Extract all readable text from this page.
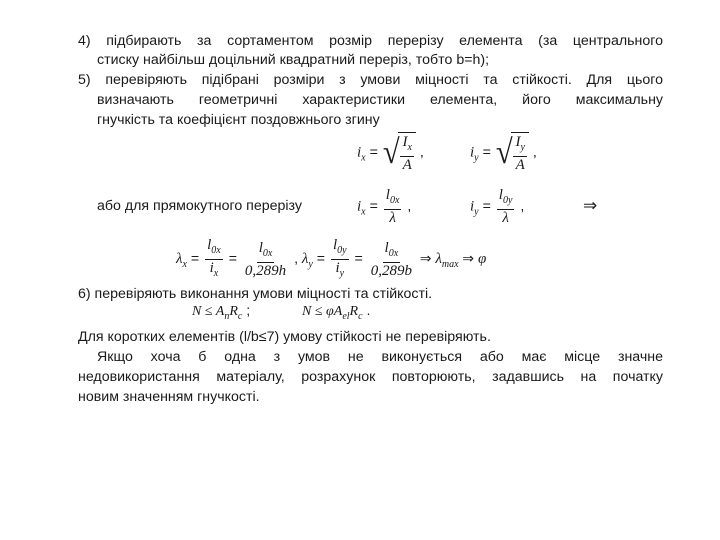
4) підбирають за сортаментом розмір перерізу елемента (за центрального
стиску найбільш доцільний квадратний переріз, тобто b=h);
5) перевіряють підібрані розміри з умови міцності та стійкості. Для цього
визначають геометричні характеристики елемента, його максимальну
гнучкість та коефіцієнт поздовжнього згину
$i_x$ = √ $\frac{I_x}{A}$ ,	$i_y$ = √ $\frac{I_y}{A}$ ,
або для прямокутного перерізу	$i_x = \frac{l_{0x}}{\lambda}$ ,	$i_y = \frac{l_{0y}}{\lambda}$ ,	⇒
$\lambda_x = \frac{l_{0x}}{i_x} = \frac{l_{0x}}{0,289h}$ , $\lambda_y = \frac{l_{0y}}{i_y} = \frac{l_{0x}}{0,289b}$ ⇒ $\lambda_{max}$ ⇒ φ
6) перевіряють виконання умови міцності та стійкості.
$N \le A_nR_c$ ;	$N \le \varphi A_{el}R_c$ .
Для коротких елементів (l/b≤7) умову стійкості не перевіряють.
Якщо хоча б одна з умов не виконується або має місце значне
недовикористання матеріалу, розрахунок повторюють, задавшись на початку
новим значенням гнучкості.
